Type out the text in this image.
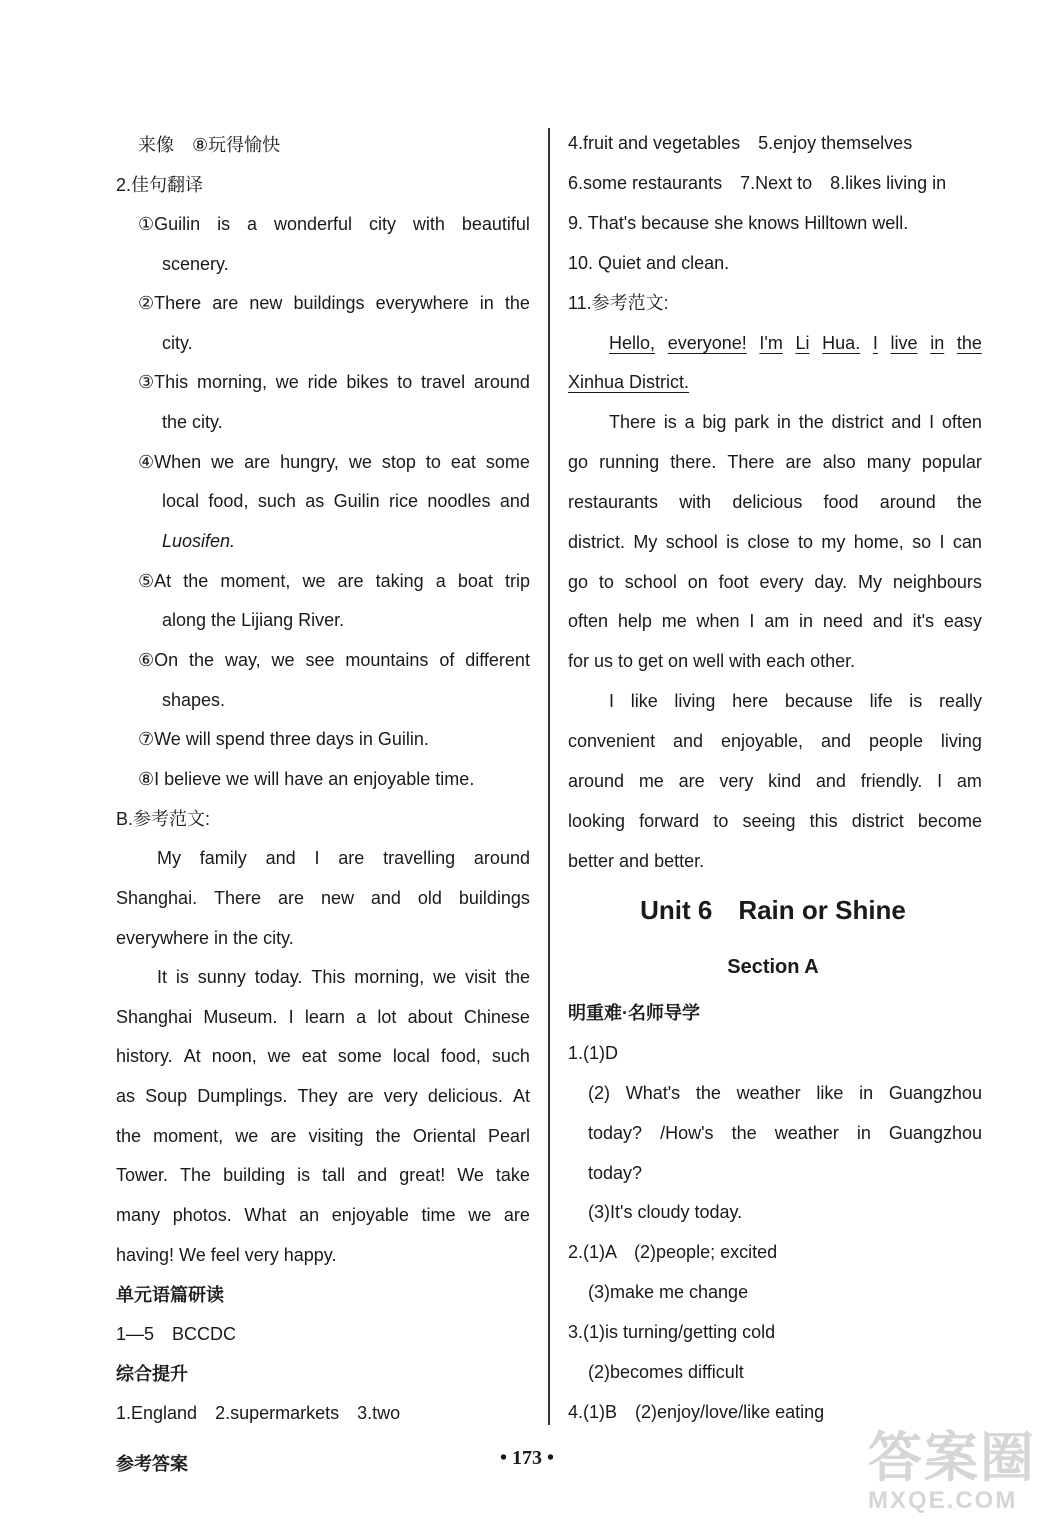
来像　⑧玩得愉快
2.佳句翻译
①Guilin is a wonderful city with beautiful
scenery.
②There are new buildings everywhere in the
city.
③This morning, we ride bikes to travel around
the city.
④When we are hungry, we stop to eat some
local food, such as Guilin rice noodles and
Luosifen.
⑤At the moment, we are taking a boat trip
along the Lijiang River.
⑥On the way, we see mountains of different
shapes.
⑦We will spend three days in Guilin.
⑧I believe we will have an enjoyable time.
B.参考范文:
My family and I are travelling around
Shanghai. There are new and old buildings
everywhere in the city.
It is sunny today. This morning, we visit the
Shanghai Museum. I learn a lot about Chinese
history. At noon, we eat some local food, such
as Soup Dumplings. They are very delicious. At
the moment, we are visiting the Oriental Pearl
Tower. The building is tall and great! We take
many photos. What an enjoyable time we are
having! We feel very happy.
单元语篇研读
1—5　BCCDC
综合提升
1.England　2.supermarkets　3.two
4.fruit and vegetables　5.enjoy themselves
6.some restaurants　7.Next to　8.likes living in
9. That's because she knows Hilltown well.
10. Quiet and clean.
11.参考范文:
Hello, everyone! I'm Li Hua. I live in the
Xinhua District.
There is a big park in the district and I often
go running there. There are also many popular
restaurants with delicious food around the
district. My school is close to my home, so I can
go to school on foot every day. My neighbours
often help me when I am in need and it's easy
for us to get on well with each other.
I like living here because life is really
convenient and enjoyable, and people living
around me are very kind and friendly. I am
looking forward to seeing this district become
better and better.
Unit 6　Rain or Shine
Section A
明重难·名师导学
1.(1)D
(2) What's the weather like in Guangzhou
today? /How's the weather in Guangzhou
today?
(3)It's cloudy today.
2.(1)A　(2)people; excited
(3)make me change
3.(1)is turning/getting cold
(2)becomes difficult
4.(1)B　(2)enjoy/love/like eating
参考答案	• 173 •	答案圈
MXQE.COM
